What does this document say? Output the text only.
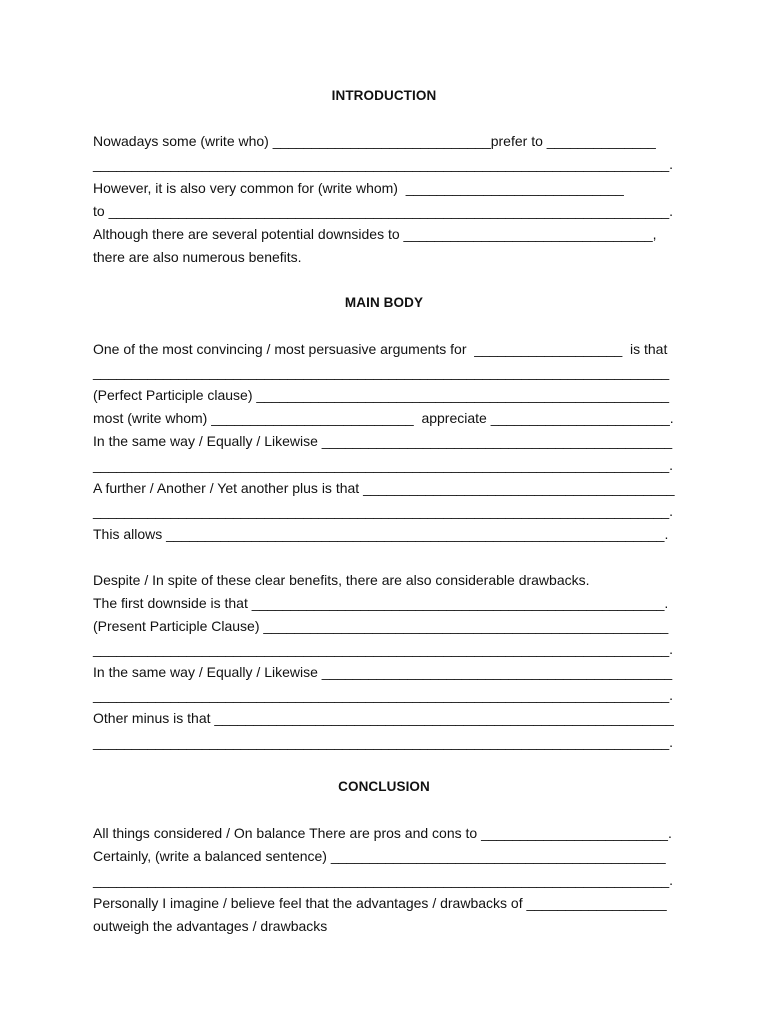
INTRODUCTION
Nowadays some (write who) ____________________________prefer to ______________
__________________________________________________________________________.
However, it is also very common for (write whom)  ____________________________
to ________________________________________________________________________.
Although there are several potential downsides to ________________________________,
there are also numerous benefits.
MAIN BODY
One of the most convincing / most persuasive arguments for  ___________________  is that
__________________________________________________________________________
(Perfect Participle clause) _____________________________________________________
most (write whom) __________________________  appreciate _______________________.
In the same way / Equally / Likewise _____________________________________________
__________________________________________________________________________.
A further / Another / Yet another plus is that ________________________________________
__________________________________________________________________________.
This allows ________________________________________________________________.
Despite / In spite of these clear benefits, there are also considerable drawbacks.
The first downside is that _____________________________________________________.
(Present Participle Clause) ____________________________________________________
__________________________________________________________________________.
In the same way / Equally / Likewise _____________________________________________
__________________________________________________________________________.
Other minus is that ___________________________________________________________
__________________________________________________________________________.
CONCLUSION
All things considered / On balance There are pros and cons to ________________________.
Certainly, (write a balanced sentence) ___________________________________________
__________________________________________________________________________.
Personally I imagine / believe feel that the advantages / drawbacks of __________________
outweigh the advantages / drawbacks
